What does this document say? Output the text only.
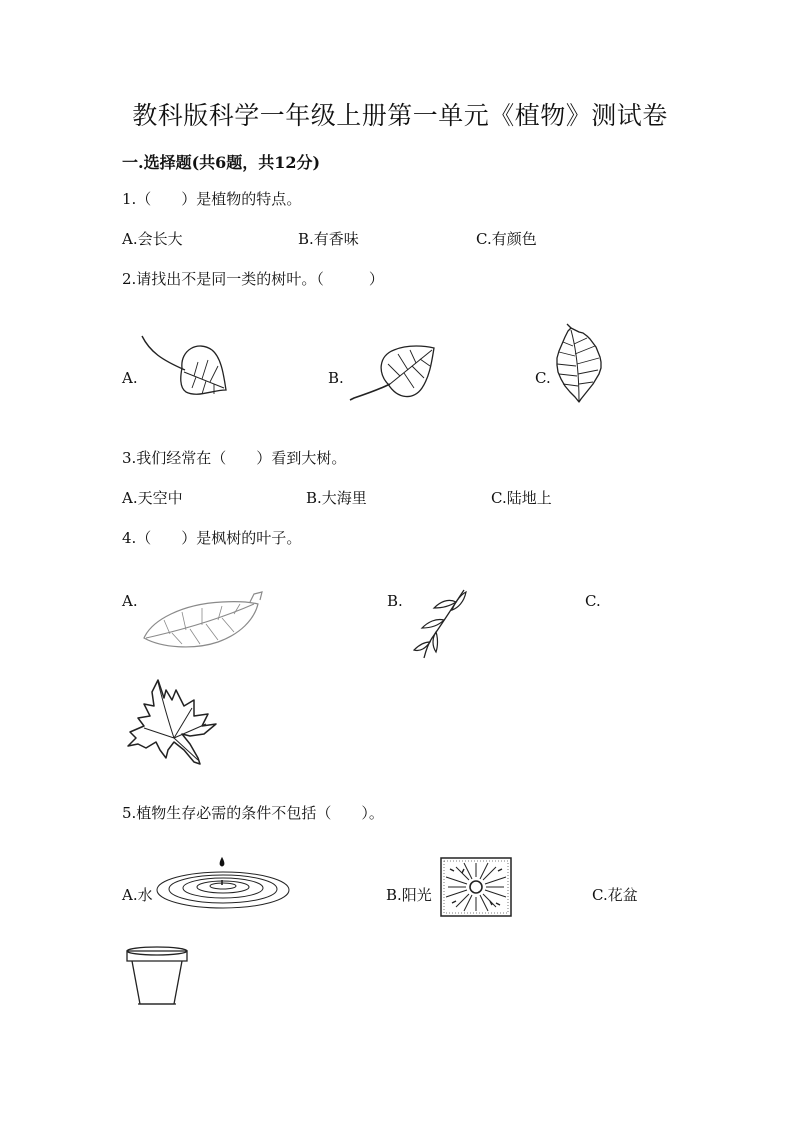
教科版科学一年级上册第一单元《植物》测试卷
一.选择题(共6题，共12分)
1.（　　）是植物的特点。
A.会长大	B.有香味	C.有颜色
2.请找出不是同一类的树叶。（　　　）
A.	B.	C.
3.我们经常在（　　）看到大树。
A.天空中	B.大海里	C.陆地上
4.（　　）是枫树的叶子。
A.	B.	C.
5.植物生存必需的条件不包括（　　）。
A.水	B.阳光	C.花盆
